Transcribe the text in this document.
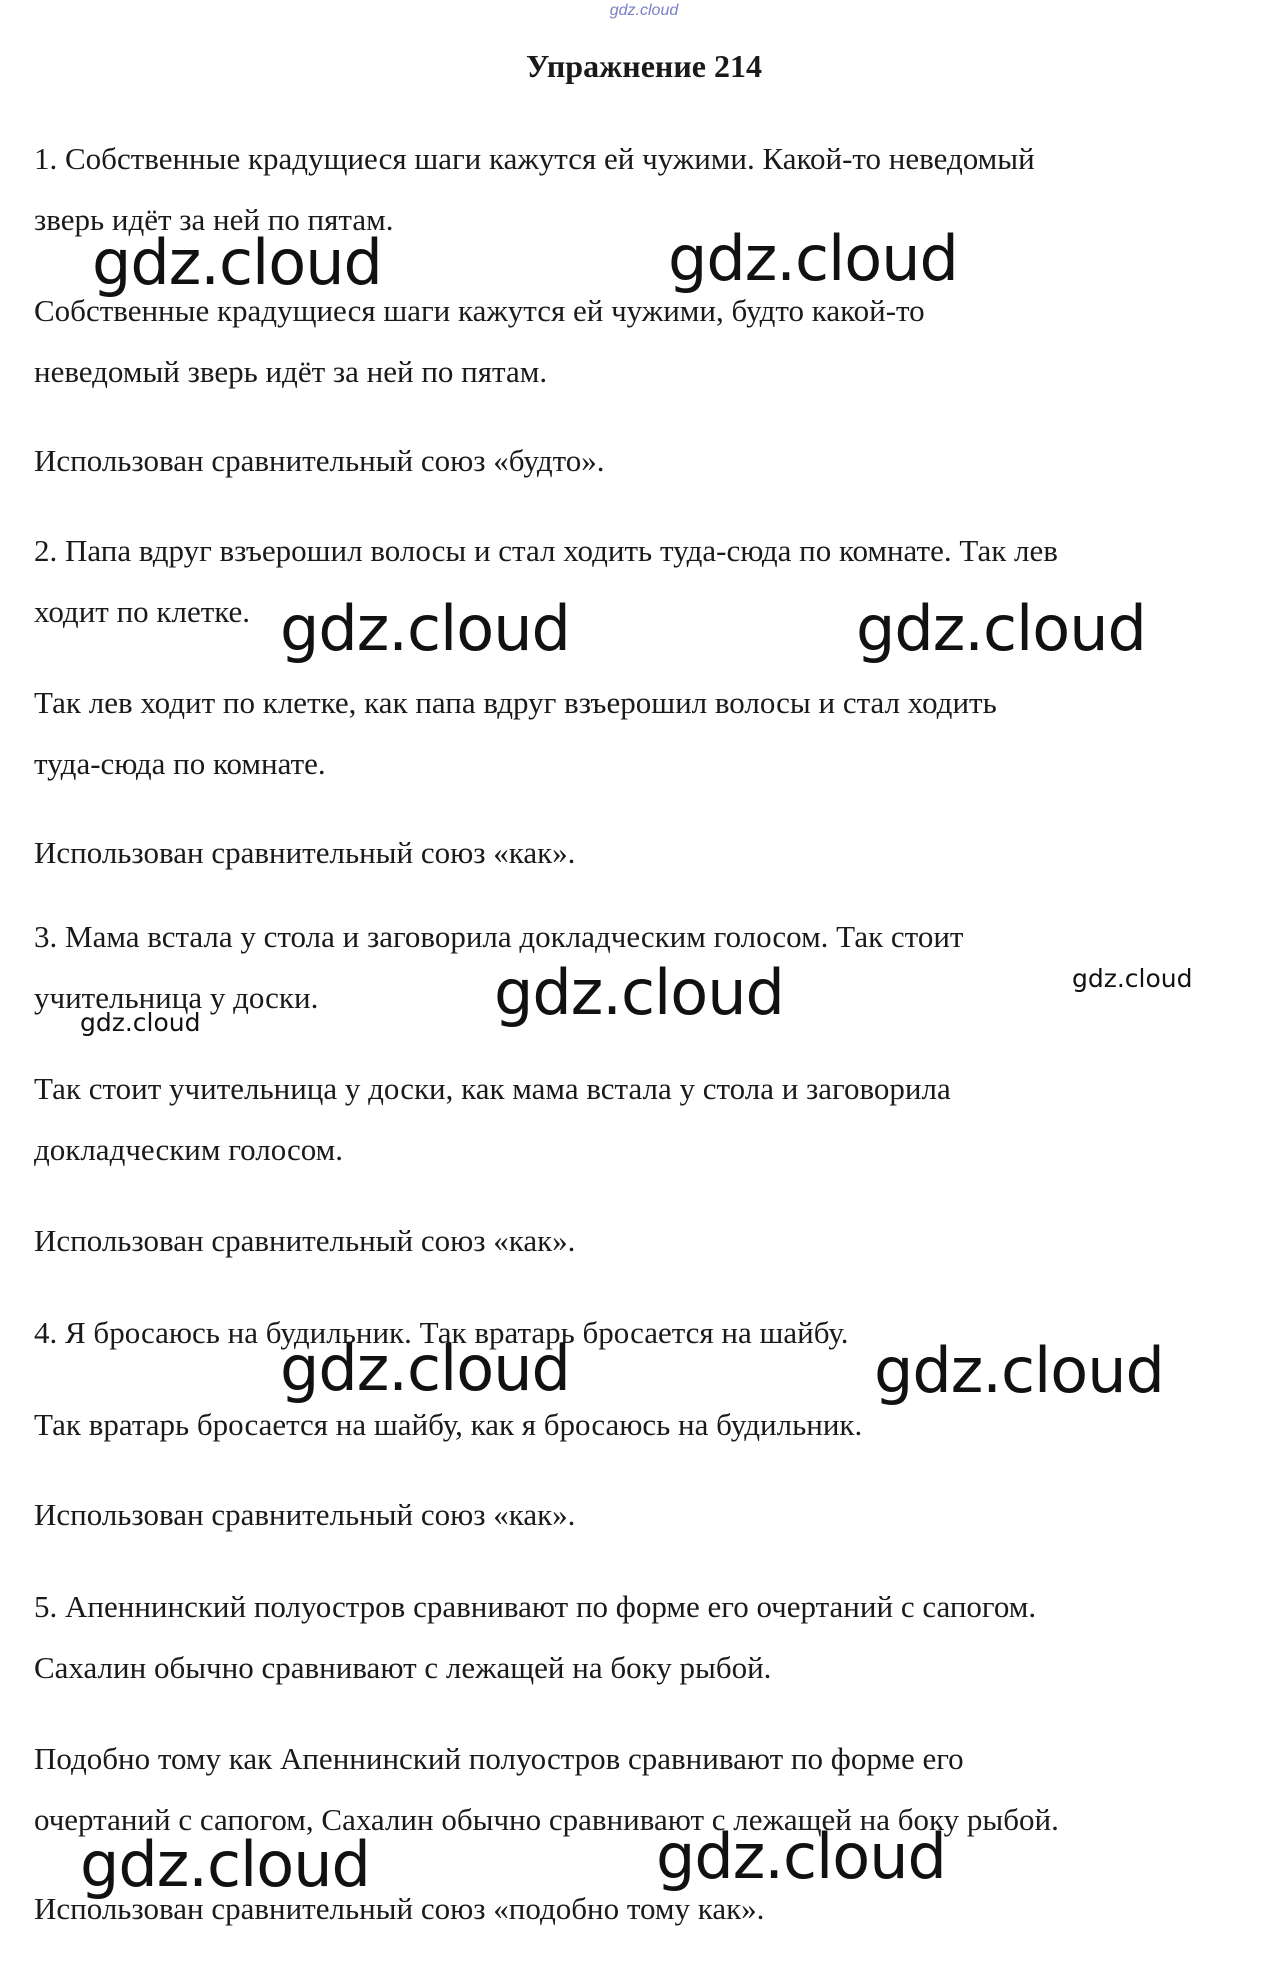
gdz.cloud
Упражнение 214

1. Собственные крадущиеся шаги кажутся ей чужими. Какой-то неведомый
зверь идёт за ней по пятам.

Собственные крадущиеся шаги кажутся ей чужими, будто какой-то
неведомый зверь идёт за ней по пятам.

Использован сравнительный союз «будто».

2. Папа вдруг взъерошил волосы и стал ходить туда-сюда по комнате. Так лев
ходит по клетке.

Так лев ходит по клетке, как папа вдруг взъерошил волосы и стал ходить
туда-сюда по комнате.

Использован сравнительный союз «как».

3. Мама встала у стола и заговорила докладческим голосом. Так стоит
учительница у доски.

Так стоит учительница у доски, как мама встала у стола и заговорила
докладческим голосом.

Использован сравнительный союз «как».

4. Я бросаюсь на будильник. Так вратарь бросается на шайбу.

Так вратарь бросается на шайбу, как я бросаюсь на будильник.

Использован сравнительный союз «как».

5. Апеннинский полуостров сравнивают по форме его очертаний с сапогом.
Сахалин обычно сравнивают с лежащей на боку рыбой.

Подобно тому как Апеннинский полуостров сравнивают по форме его
очертаний с сапогом, Сахалин обычно сравнивают с лежащей на боку рыбой.

Использован сравнительный союз «подобно тому как».

gdz.cloud	gdz.cloud
gdz.cloud	gdz.cloud
gdz.cloud	gdz.cloud
gdz.cloud
gdz.cloud	gdz.cloud
gdz.cloud	gdz.cloud
